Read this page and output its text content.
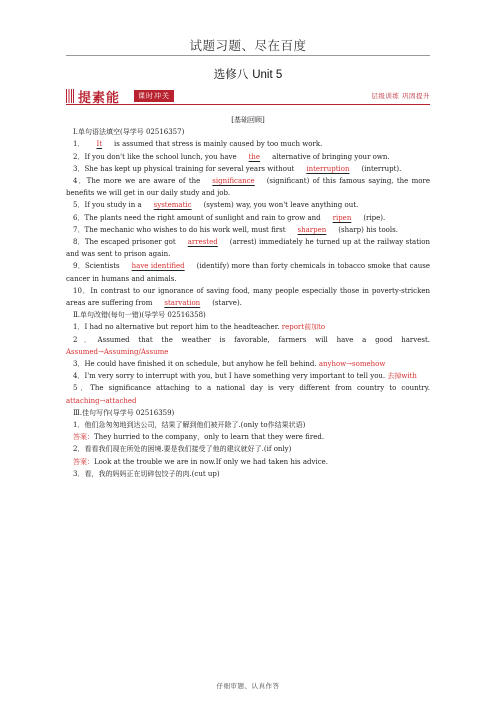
试题习题、尽在百度
选修八 Unit 5
提素能	课时冲关	层级训练 巩固提升

[基础回顾]

Ⅰ.单句语法填空(导学号 02516357)

1． It is assumed that stress is mainly caused by too much work.

2．If you don't like the school lunch, you have the alternative of bringing your own.

3．She has kept up physical training for several years without interruption (interrupt).

4．The more we are aware of the significance (significant) of this famous saying, the more benefits we will get in our daily study and job.

5．If you study in a systematic (system) way, you won't leave anything out.

6．The plants need the right amount of sunlight and rain to grow and ripen (ripe).

7．The mechanic who wishes to do his work well, must first sharpen (sharp) his tools.

8．The escaped prisoner got arrested (arrest) immediately he turned up at the railway station and was sent to prison again.

9．Scientists have identified (identify) more than forty chemicals in tobacco smoke that cause cancer in humans and animals.

10．In contrast to our ignorance of saving food, many people especially those in poverty-stricken areas are suffering from starvation (starve).

Ⅱ.单句改错(每句一错)(导学号 02516358)

1．I had no alternative but report him to the headteacher. report前加to

2．Assumed that the weather is favorable, farmers will have a good harvest. Assumed→Assuming/Assume

3．He could have finished it on schedule, but anyhow he fell behind. anyhow→somehow

4．I'm very sorry to interrupt with you, but I have something very important to tell you. 去掉with

5．The significance attaching to a national day is very different from country to country. attaching→attached

Ⅲ.佳句写作(导学号 02516359)

1．他们急匆匆地到达公司，结果了解到他们被开除了.(only to作结果状语)

答案：They hurried to the company，only to learn that they were fired.

2．看看我们现在所处的困境.要是我们接受了他的建议就好了.(if only)

答案：Look at the trouble we are in now.If only we had taken his advice.

3．看，我的妈妈正在切碎包饺子的肉.(cut up)

仔细审题、认真作答
